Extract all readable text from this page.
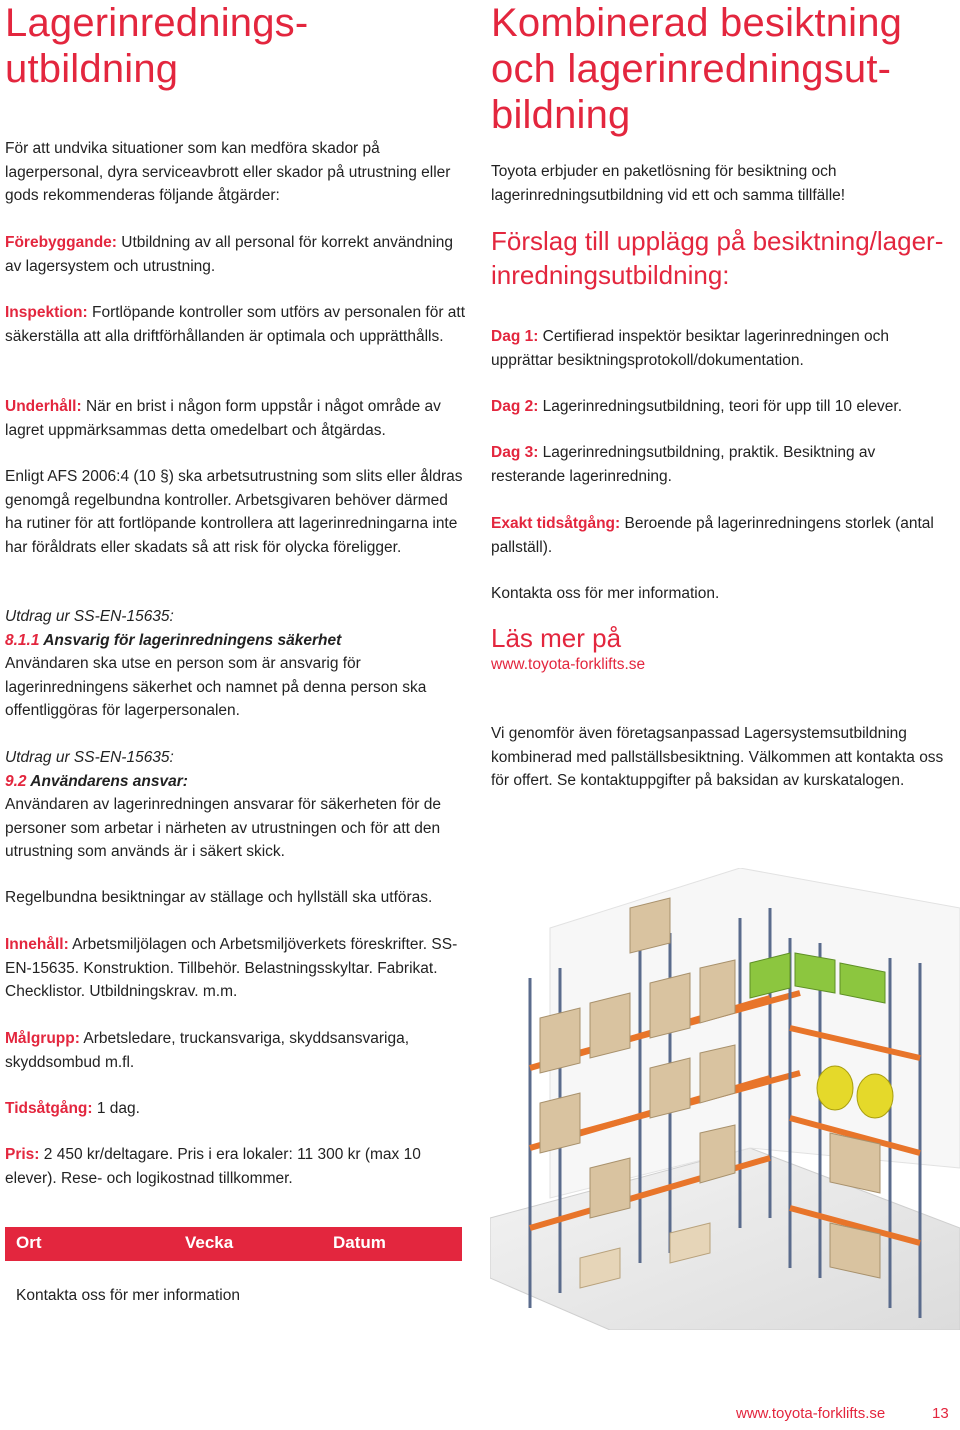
Lagerinrednings-
utbildning

För att undvika situationer som kan medföra skador på lagerpersonal, dyra serviceavbrott eller skador på utrustning eller gods rekommenderas följande åtgärder:

Förebyggande: Utbildning av all personal för korrekt användning av lagersystem och utrustning.

Inspektion: Fortlöpande kontroller som utförs av personalen för att säkerställa att alla driftförhållanden är optimala och upprätthålls.

Underhåll: När en brist i någon form uppstår i något område av lagret uppmärksammas detta omedelbart och åtgärdas.

Enligt AFS 2006:4 (10 §) ska arbetsutrustning som slits eller åldras genomgå regelbundna kontroller. Arbetsgivaren behöver därmed ha rutiner för att fortlöpande kontrollera att lagerinredningarna inte har föråldrats eller skadats så att risk för olycka föreligger.

Utdrag ur SS-EN-15635:
8.1.1 Ansvarig för lagerinredningens säkerhet
Användaren ska utse en person som är ansvarig för lagerinredningens säkerhet och namnet på denna person ska offentliggöras för lagerpersonalen.
Utdrag ur SS-EN-15635:
9.2 Användarens ansvar:
Användaren av lagerinredningen ansvarar för säkerheten för de personer som arbetar i närheten av utrustningen och för att den utrustning som används är i säkert skick.

Regelbundna besiktningar av ställage och hyllställ ska utföras.

Innehåll: Arbetsmiljölagen och Arbetsmiljöverkets föreskrifter. SS-EN-15635. Konstruktion. Tillbehör. Belastningsskyltar. Fabrikat. Checklistor. Utbildningskrav. m.m.

Målgrupp: Arbetsledare, truckansvariga, skyddsansvariga, skyddsombud m.fl.

Tidsåtgång: 1 dag.

Pris: 2 450 kr/deltagare. Pris i era lokaler: 11 300 kr (max 10 elever). Rese- och logikostnad tillkommer.

Ort	Vecka	Datum

Kontakta oss för mer information

Kombinerad besiktning
och lagerinredningsut-
bildning

Toyota erbjuder en paketlösning för besiktning och lagerinredningsutbildning vid ett och samma tillfälle!

Förslag till upplägg på besiktning/lager-
inredningsutbildning:

Dag 1: Certifierad inspektör besiktar lagerinredningen och upprättar besiktningsprotokoll/dokumentation.

Dag 2: Lagerinredningsutbildning, teori för upp till 10 elever.

Dag 3: Lagerinredningsutbildning, praktik. Besiktning av resterande lagerinredning.

Exakt tidsåtgång: Beroende på lagerinredningens storlek (antal pallställ).

Kontakta oss för mer information.

Läs mer på

www.toyota-forklifts.se

Vi genomför även företagsanpassad Lagersystemsutbildning kombinerad med pallställsbesiktning. Välkommen att kontakta oss för offert. Se kontaktuppgifter på baksidan av kurskatalogen.

www.toyota-forklifts.se	13
